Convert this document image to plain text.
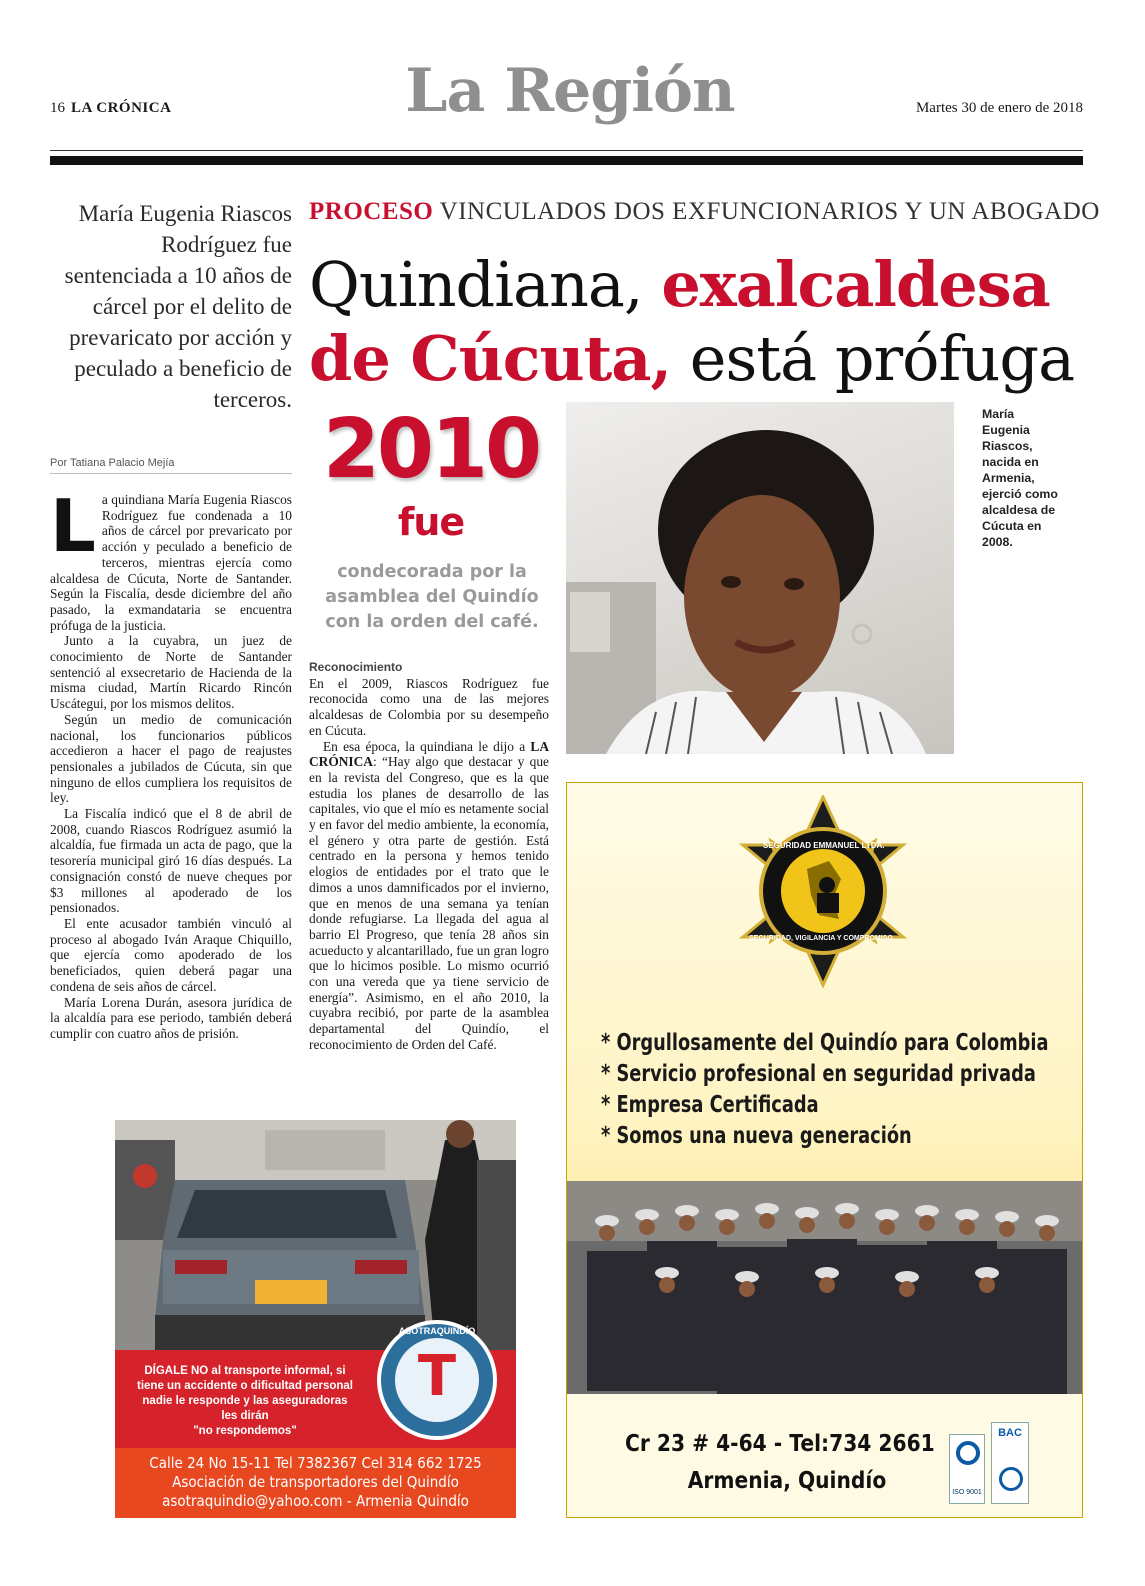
16 LA CRÓNICA	La Región	Martes 30 de enero de 2018
María Eugenia Riascos Rodríguez fue sentenciada a 10 años de cárcel por el delito de prevaricato por acción y peculado a beneficio de terceros.
PROCESO VINCULADOS DOS EXFUNCIONARIOS Y UN ABOGADO
Quindiana, exalcaldesa
de Cúcuta, está prófuga
Por Tatiana Palacio Mejía

La quindiana María Eugenia Riascos Rodríguez fue condenada a 10 años de cárcel por prevaricato por acción y peculado a beneficio de terceros, mientras ejercía como alcaldesa de Cúcuta, Norte de Santander. Según la Fiscalía, desde diciembre del año pasado, la exmandataria se encuentra prófuga de la justicia.

Junto a la cuyabra, un juez de conocimiento de Norte de Santander sentenció al exsecretario de Hacienda de la misma ciudad, Martín Ricardo Rincón Uscátegui, por los mismos delitos.

Según un medio de comunicación nacional, los funcionarios públicos accedieron a hacer el pago de reajustes pensionales a jubilados de Cúcuta, sin que ninguno de ellos cumpliera los requisitos de ley.

La Fiscalía indicó que el 8 de abril de 2008, cuando Riascos Rodríguez asumió la alcaldía, fue firmada un acta de pago, que la tesorería municipal giró 16 días después. La consignación constó de nueve cheques por $3 millones al apoderado de los pensionados.

El ente acusador también vinculó al proceso al abogado Iván Araque Chiquillo, que ejercía como apoderado de los beneficiados, quien deberá pagar una condena de seis años de cárcel.

María Lorena Durán, asesora jurídica de la alcaldía para ese periodo, también deberá cumplir con cuatro años de prisión.

2010
fue
condecorada por la asamblea del Quindío con la orden del café.

Reconocimiento

En el 2009, Riascos Rodríguez fue reconocida como una de las mejores alcaldesas de Colombia por su desempeño en Cúcuta.

En esa época, la quindiana le dijo a LA CRÓNICA: “Hay algo que destacar y que en la revista del Congreso, que es la que estudia los planes de desarrollo de las capitales, vio que el mío es netamente social y en favor del medio ambiente, la economía, el género y otra parte de gestión. Está centrado en la persona y hemos tenido elogios de entidades por el trato que le dimos a unos damnificados por el invierno, que en menos de una semana ya tenían donde refugiarse. La llegada del agua al barrio El Progreso, que tenía 28 años sin acueducto y alcantarillado, fue un gran logro que lo hicimos posible. Lo mismo ocurrió con una vereda que ya tiene servicio de energía”. Asimismo, en el año 2010, la cuyabra recibió, por parte de la asamblea departamental del Quindío, el reconocimiento de Orden del Café.

María Eugenia Riascos, nacida en Armenia, ejerció como alcaldesa de Cúcuta en 2008.
SEGURIDAD EMMANUEL LTDA.
SEGURIDAD, VIGILANCIA Y COMPROMISO
* Orgullosamente del Quindío para Colombia
* Servicio profesional en seguridad privada
* Empresa Certificada
* Somos una nueva generación
Cr 23 # 4-64 - Tel:734 2661
Armenia, Quindío	ISO 9001
BAC
DÍGALE NO al transporte informal, si tiene un accidente o dificultad personal nadie le responde y las aseguradoras les dirán
"no respondemos"
T
ASOTRAQUINDÍO
Calle 24 No 15-11 Tel 7382367 Cel 314 662 1725
Asociación de transportadores del Quindío
asotraquindio@yahoo.com - Armenia Quindío
